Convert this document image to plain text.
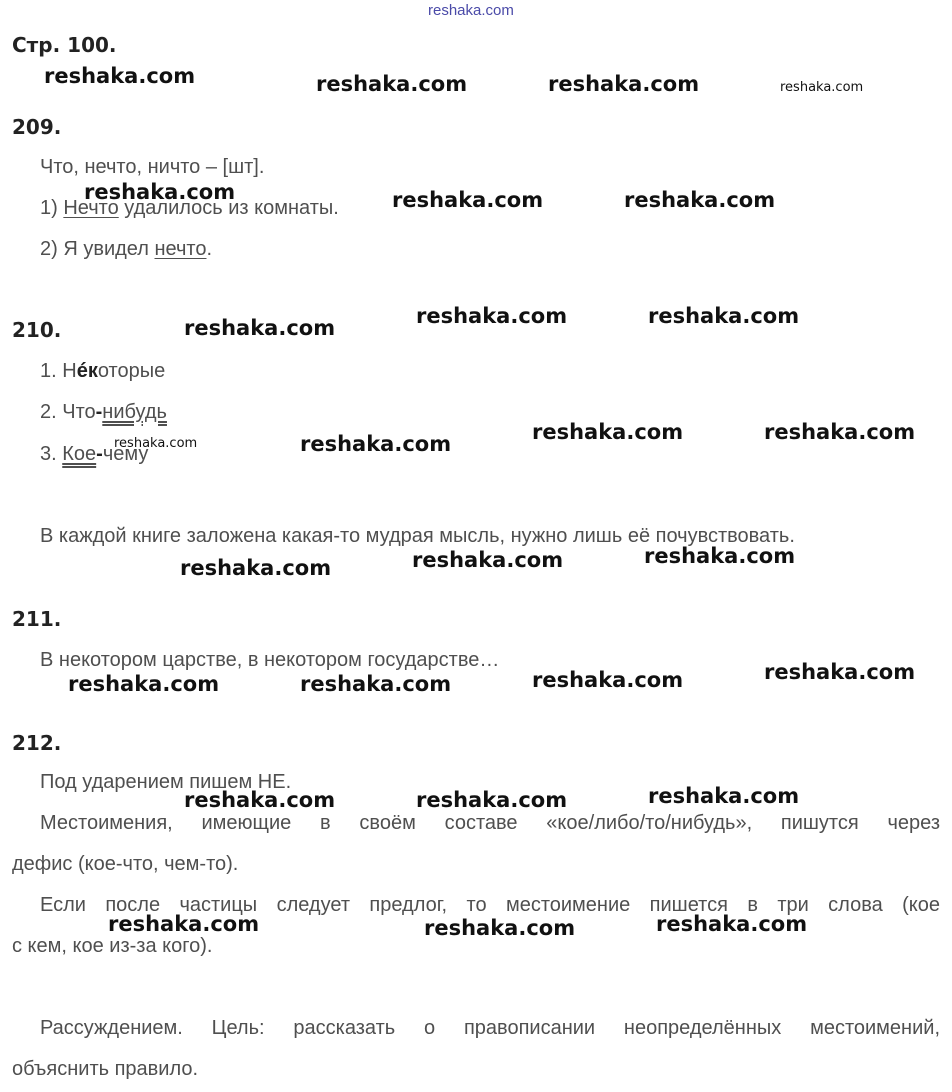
reshaka.com
Стр. 100.
209.
Что, нечто, ничто – [шт].
1) Нечто удалилось из комнаты.
2) Я увидел нечто.
210.
1. Нéкоторые
2. Что-нибудь
3. Кое-чему
В каждой книге заложена какая-то мудрая мысль, нужно лишь её почувствовать.
211.
В некотором царстве, в некотором государстве…
212.
Под ударением пишем НЕ.
Местоимения, имеющие в своём составе «кое/либо/то/нибудь», пишутся через
дефис (кое-что, чем-то).
Если после частицы следует предлог, то местоимение пишется в три слова (кое
с кем, кое из-за кого).
Рассуждением. Цель: рассказать о правописании неопределённых местоимений,
объяснить правило.
reshaka.com	reshaka.com	reshaka.com	reshaka.com
reshaka.com	reshaka.com	reshaka.com
reshaka.com	reshaka.com	reshaka.com
reshaka.com	reshaka.com	reshaka.com	reshaka.com
reshaka.com	reshaka.com	reshaka.com
reshaka.com	reshaka.com	reshaka.com	reshaka.com
reshaka.com	reshaka.com	reshaka.com
reshaka.com	reshaka.com	reshaka.com
